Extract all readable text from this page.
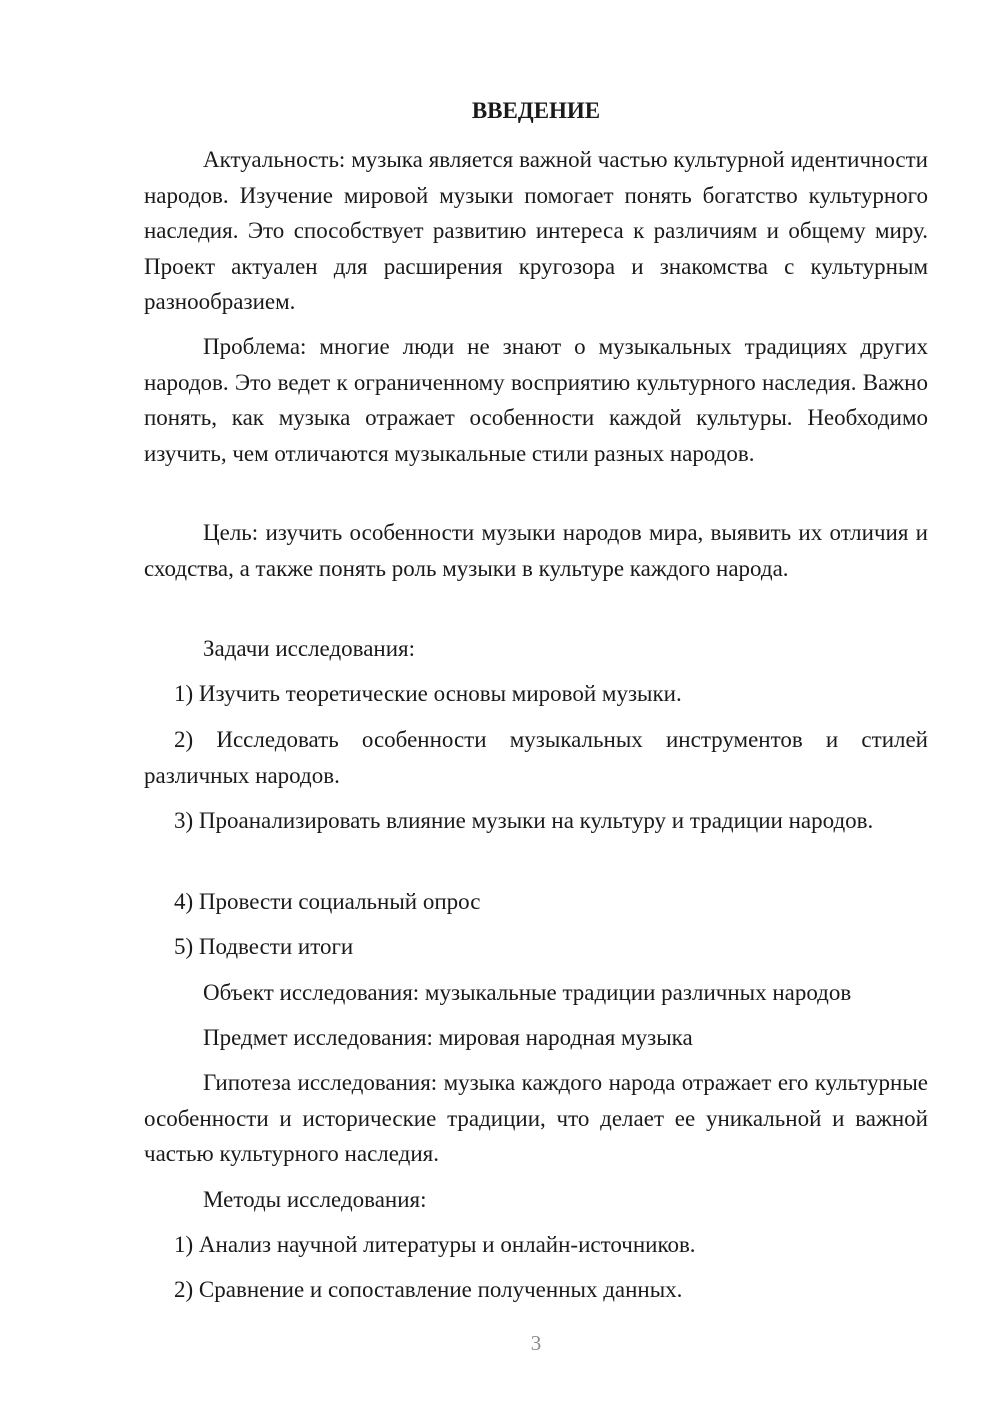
ВВЕДЕНИЕ

Актуальность: музыка является важной частью культурной идентичности народов. Изучение мировой музыки помогает понять богатство культурного наследия. Это способствует развитию интереса к различиям и общему миру. Проект актуален для расширения кругозора и знакомства с культурным разнообразием.

Проблема: многие люди не знают о музыкальных традициях других народов. Это ведет к ограниченному восприятию культурного наследия. Важно понять, как музыка отражает особенности каждой культуры. Необходимо изучить, чем отличаются музыкальные стили разных народов.

Цель: изучить особенности музыки народов мира, выявить их отличия и сходства, а также понять роль музыки в культуре каждого народа.

Задачи исследования:

1) Изучить теоретические основы мировой музыки.

2) Исследовать особенности музыкальных инструментов и стилей различных народов.

3) Проанализировать влияние музыки на культуру и традиции народов.

4) Провести социальный опрос

5) Подвести итоги

Объект исследования: музыкальные традиции различных народов

Предмет исследования: мировая народная музыка

Гипотеза исследования: музыка каждого народа отражает его культурные особенности и исторические традиции, что делает ее уникальной и важной частью культурного наследия.

Методы исследования:

1) Анализ научной литературы и онлайн-источников.

2) Сравнение и сопоставление полученных данных.

3
